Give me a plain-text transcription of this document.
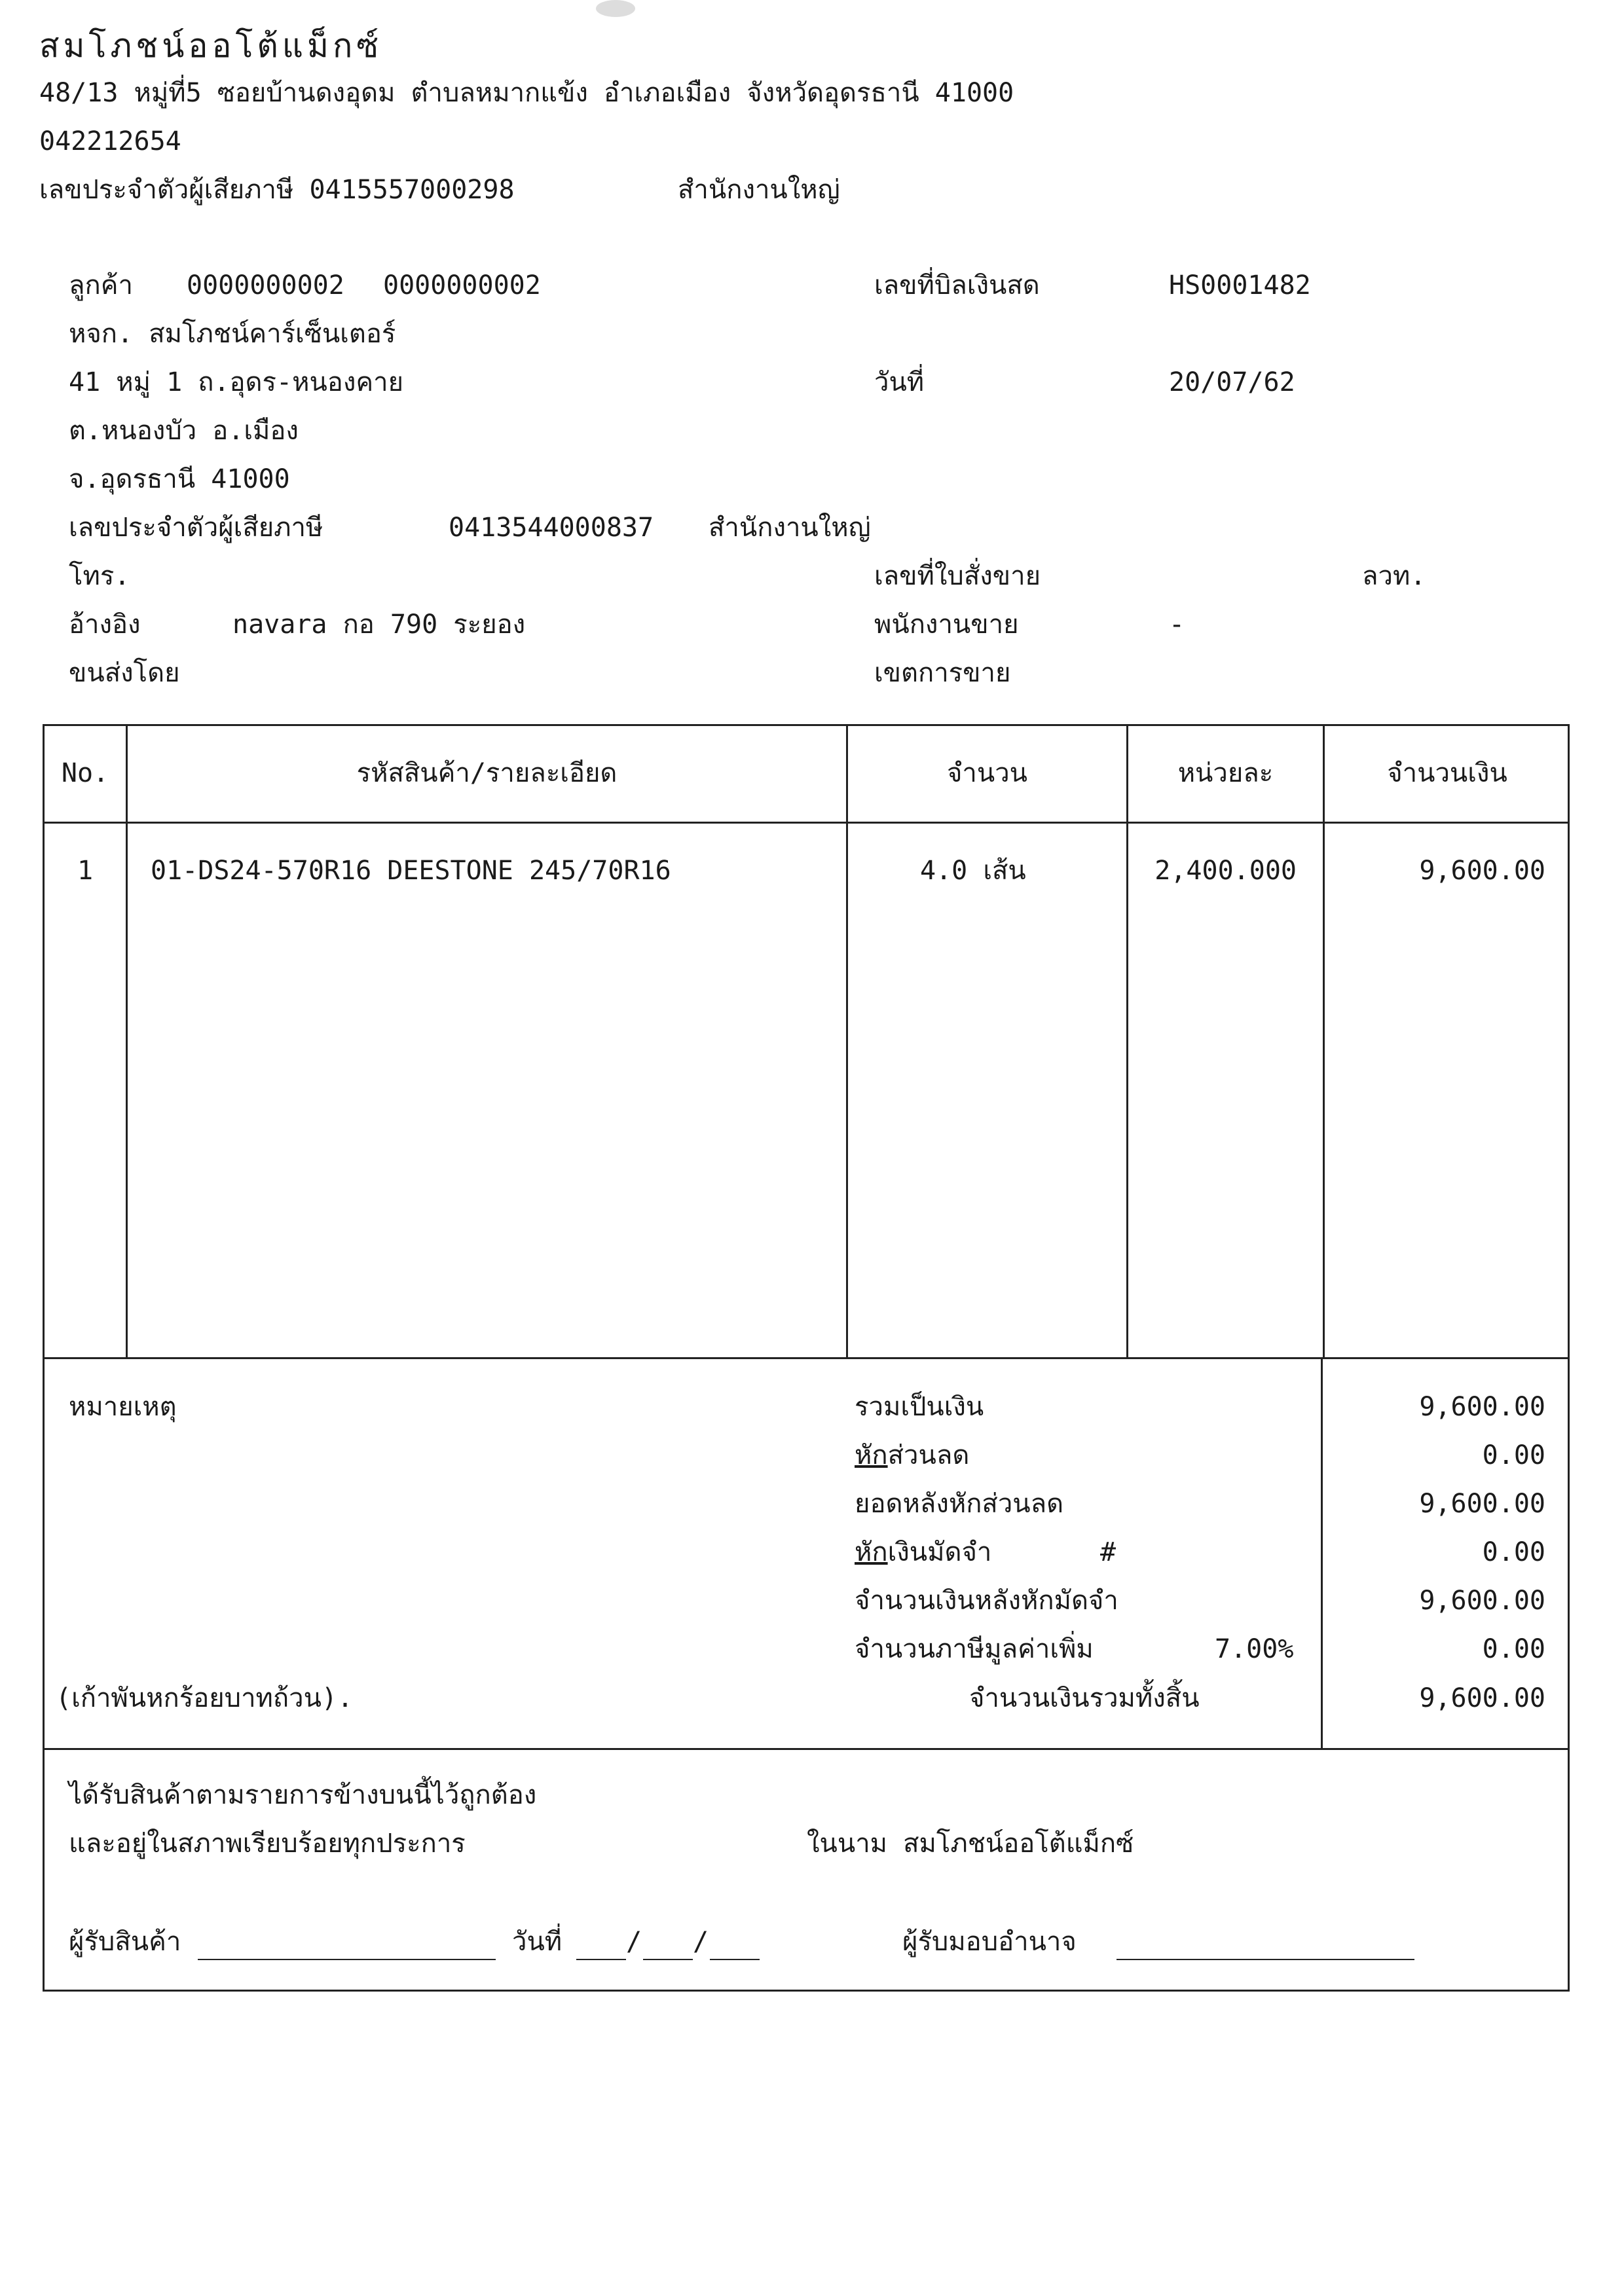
สมโภชน์ออโต้แม็กซ์
48/13 หมู่ที่5 ซอยบ้านดงอุดม ตำบลหมากแข้ง อำเภอเมือง จังหวัดอุดรธานี 41000
042212654
เลขประจำตัวผู้เสียภาษี 0415557000298	สำนักงานใหญ่
ลูกค้า 0000000002 0000000002
หจก. สมโภชน์คาร์เซ็นเตอร์
41 หมู่ 1 ถ.อุดร-หนองคาย
ต.หนองบัว อ.เมือง
จ.อุดรธานี 41000
เลขประจำตัวผู้เสียภาษี	0413544000837 สำนักงานใหญ่
โทร.
อ้างอิง	navara กอ 790 ระยอง
ขนส่งโดย
เลขที่บิลเงินสด	HS0001482
วันที่	20/07/62
เลขที่ใบสั่งขาย	ลวท.
พนักงานขาย	-
เขตการขาย
No.	รหัสสินค้า/รายละเอียด	จำนวน	หน่วยละ	จำนวนเงิน
1	01-DS24-570R16 DEESTONE 245/70R16	4.0 เส้น	2,400.000	9,600.00
หมายเหตุ
(เก้าพันหกร้อยบาทถ้วน).
รวมเป็นเงิน	9,600.00
หักส่วนลด	0.00
ยอดหลังหักส่วนลด	9,600.00
หักเงินมัดจำ	#	0.00
จำนวนเงินหลังหักมัดจำ	9,600.00
จำนวนภาษีมูลค่าเพิ่ม	7.00%	0.00
จำนวนเงินรวมทั้งสิ้น	9,600.00
ได้รับสินค้าตามรายการข้างบนนี้ไว้ถูกต้อง
และอยู่ในสภาพเรียบร้อยทุกประการ	ในนาม สมโภชน์ออโต้แม็กซ์
ผู้รับสินค้า	วันที่ / /	ผู้รับมอบอำนาจ
